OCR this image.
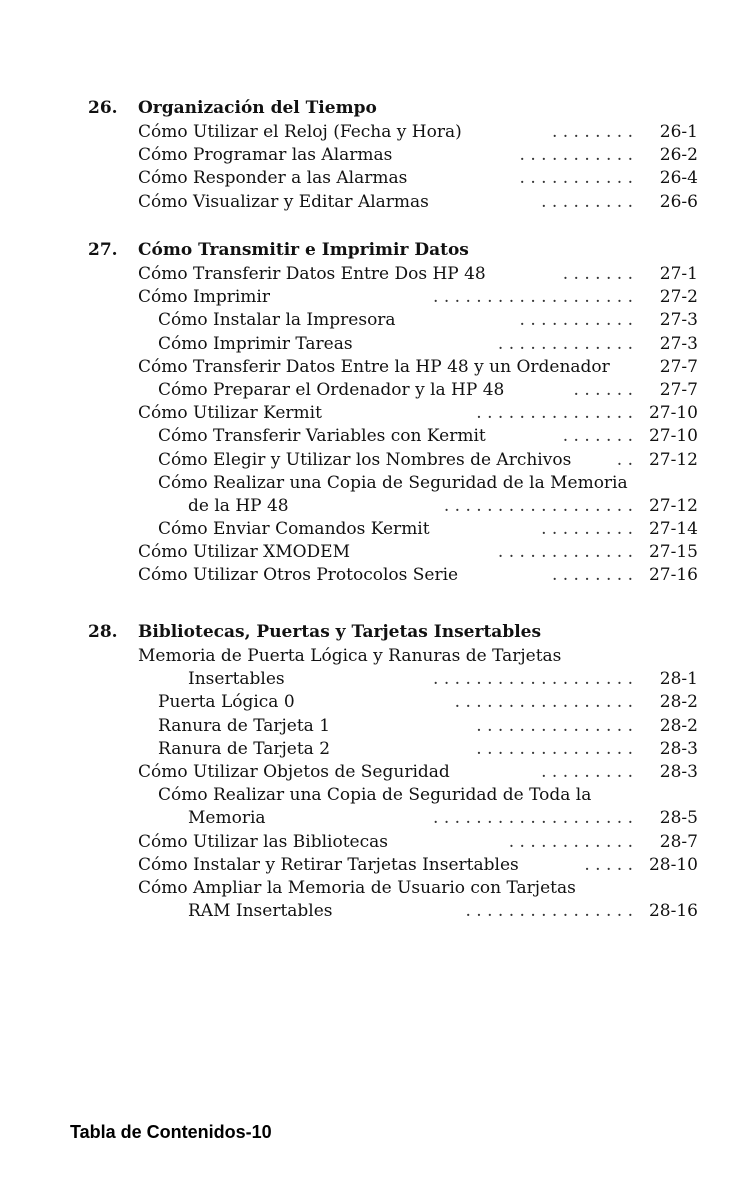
26. Organización del Tiempo
Cómo Utilizar el Reloj (Fecha y Hora)	. . . . . . . . 26-1
Cómo Programar las Alarmas	. . . . . . . . . . . 26-2
Cómo Responder a las Alarmas	. . . . . . . . . . . 26-4
Cómo Visualizar y Editar Alarmas	. . . . . . . . . 26-6
27. Cómo Transmitir e Imprimir Datos
Cómo Transferir Datos Entre Dos HP 48	. . . . . . . 27-1
Cómo Imprimir	. . . . . . . . . . . . . . . . . . . 27-2
Cómo Instalar la Impresora	. . . . . . . . . . . 27-3
Cómo Imprimir Tareas	. . . . . . . . . . . . . 27-3
Cómo Transferir Datos Entre la HP 48 y un Ordenador	27-7
Cómo Preparar el Ordenador y la HP 48	. . . . . . 27-7
Cómo Utilizar Kermit	. . . . . . . . . . . . . . . 27-10
Cómo Transferir Variables con Kermit	. . . . . . . 27-10
Cómo Elegir y Utilizar los Nombres de Archivos	. . 27-12
Cómo Realizar una Copia de Seguridad de la Memoria
de la HP 48	. . . . . . . . . . . . . . . . . . 27-12
Cómo Enviar Comandos Kermit	. . . . . . . . . 27-14
Cómo Utilizar XMODEM	. . . . . . . . . . . . . 27-15
Cómo Utilizar Otros Protocolos Serie	. . . . . . . . 27-16
28. Bibliotecas, Puertas y Tarjetas Insertables
Memoria de Puerta Lógica y Ranuras de Tarjetas
Insertables	. . . . . . . . . . . . . . . . . . . 28-1
Puerta Lógica 0	. . . . . . . . . . . . . . . . . 28-2
Ranura de Tarjeta 1	. . . . . . . . . . . . . . . 28-2
Ranura de Tarjeta 2	. . . . . . . . . . . . . . . 28-3
Cómo Utilizar Objetos de Seguridad	. . . . . . . . . 28-3
Cómo Realizar una Copia de Seguridad de Toda la
Memoria	. . . . . . . . . . . . . . . . . . . 28-5
Cómo Utilizar las Bibliotecas	. . . . . . . . . . . . 28-7
Cómo Instalar y Retirar Tarjetas Insertables	. . . . . 28-10
Cómo Ampliar la Memoria de Usuario con Tarjetas
RAM Insertables	. . . . . . . . . . . . . . . . 28-16
Tabla de Contenidos-10
